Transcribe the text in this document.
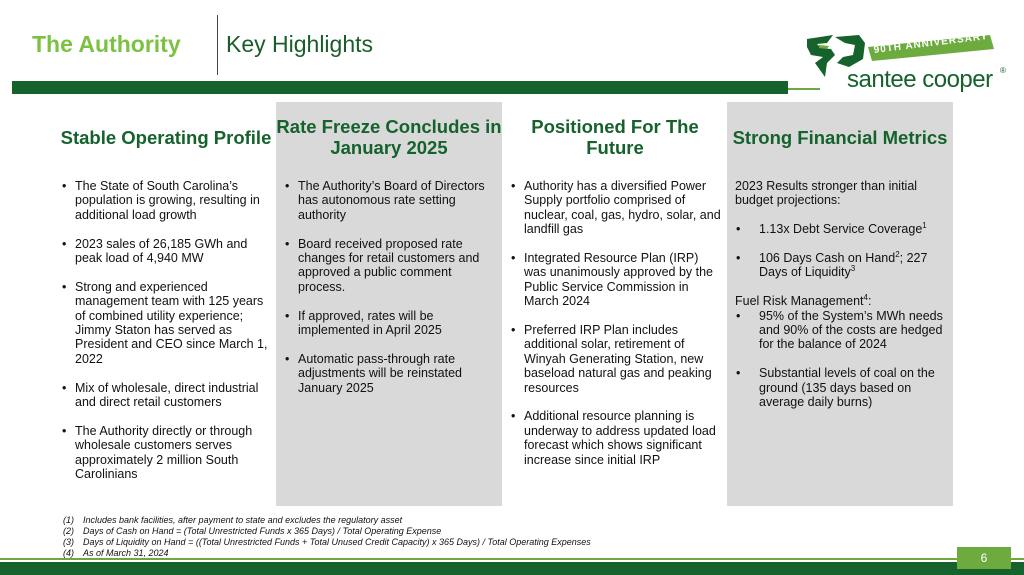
The Authority Key Highlights	90TH ANNIVERSARY
santee cooper ®
Stable Operating Profile
• The State of South Carolina’s population is growing, resulting in additional load growth
• 2023 sales of 26,185 GWh and peak load of 4,940 MW
• Strong and experienced management team with 125 years of combined utility experience; Jimmy Staton has served as President and CEO since March 1, 2022
• Mix of wholesale, direct industrial and direct retail customers
• The Authority directly or through wholesale customers serves approximately 2 million South Carolinians
Rate Freeze Concludes in January 2025
• The Authority’s Board of Directors has autonomous rate setting authority
• Board received proposed rate changes for retail customers and approved a public comment process.
• If approved, rates will be implemented in April 2025
• Automatic pass-through rate adjustments will be reinstated January 2025
Positioned For The Future
• Authority has a diversified Power Supply portfolio comprised of nuclear, coal, gas, hydro, solar, and landfill gas
• Integrated Resource Plan (IRP) was unanimously approved by the Public Service Commission in March 2024
• Preferred IRP Plan includes additional solar, retirement of Winyah Generating Station, new baseload natural gas and peaking resources
• Additional resource planning is underway to address updated load forecast which shows significant increase since initial IRP
Strong Financial Metrics
2023 Results stronger than initial budget projections:
• 1.13x Debt Service Coverage$^1$
• 106 Days Cash on Hand$^2$; 227 Days of Liquidity$^3$
Fuel Risk Management$^4$:
• 95% of the System’s MWh needs and 90% of the costs are hedged for the balance of 2024
• Substantial levels of coal on the ground (135 days based on average daily burns)
(1) Includes bank facilities, after payment to state and excludes the regulatory asset
(2) Days of Cash on Hand = (Total Unrestricted Funds x 365 Days) / Total Operating Expense
(3) Days of Liquidity on Hand = ((Total Unrestricted Funds + Total Unused Credit Capacity) x 365 Days) / Total Operating Expenses
(4) As of March 31, 2024	6
